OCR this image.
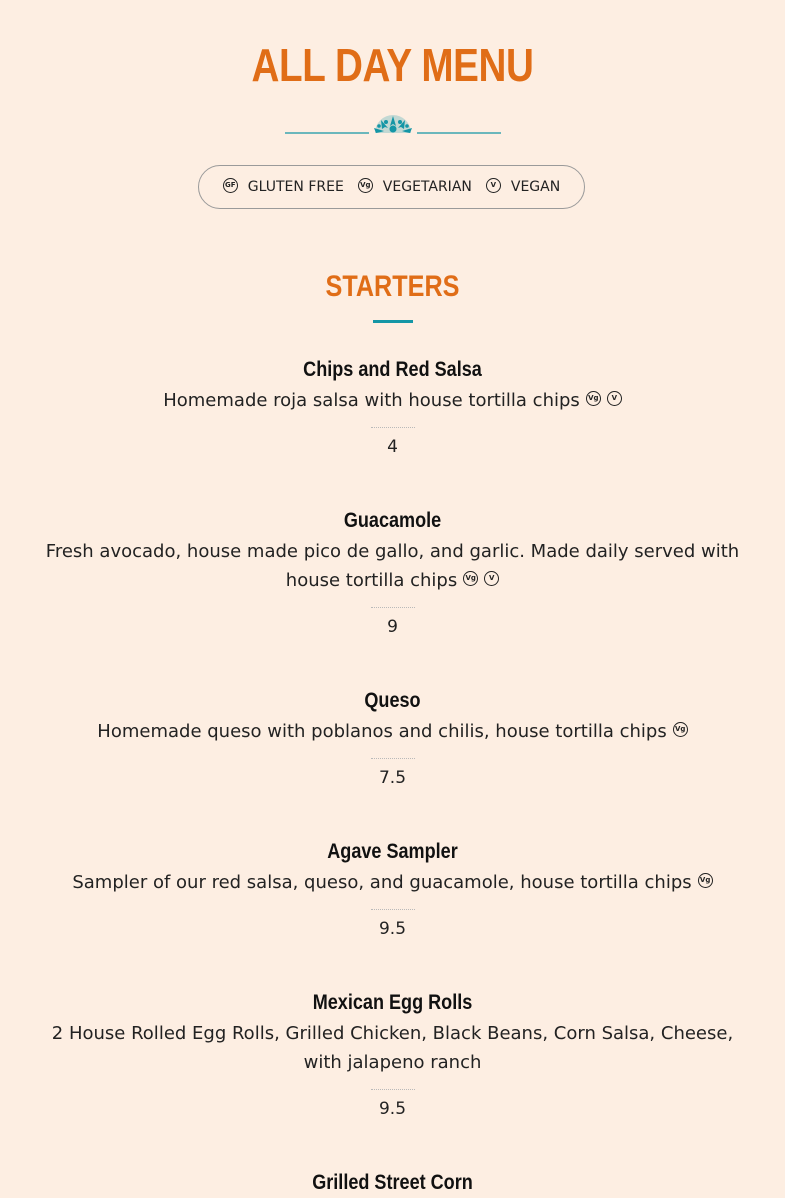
ALL DAY MENU
GF GLUTEN FREE	Vg VEGETARIAN	V	VEGAN
STARTERS
Chips and Red Salsa
Homemade roja salsa with house tortilla chips Vg V
4
Guacamole
Fresh avocado, house made pico de gallo, and garlic. Made daily served with house tortilla chips Vg V
9
Queso
Homemade queso with poblanos and chilis, house tortilla chips Vg
7.5
Agave Sampler
Sampler of our red salsa, queso, and guacamole, house tortilla chips Vg
9.5
Mexican Egg Rolls
2 House Rolled Egg Rolls, Grilled Chicken, Black Beans, Corn Salsa, Cheese, with jalapeno ranch
9.5
Grilled Street Corn
